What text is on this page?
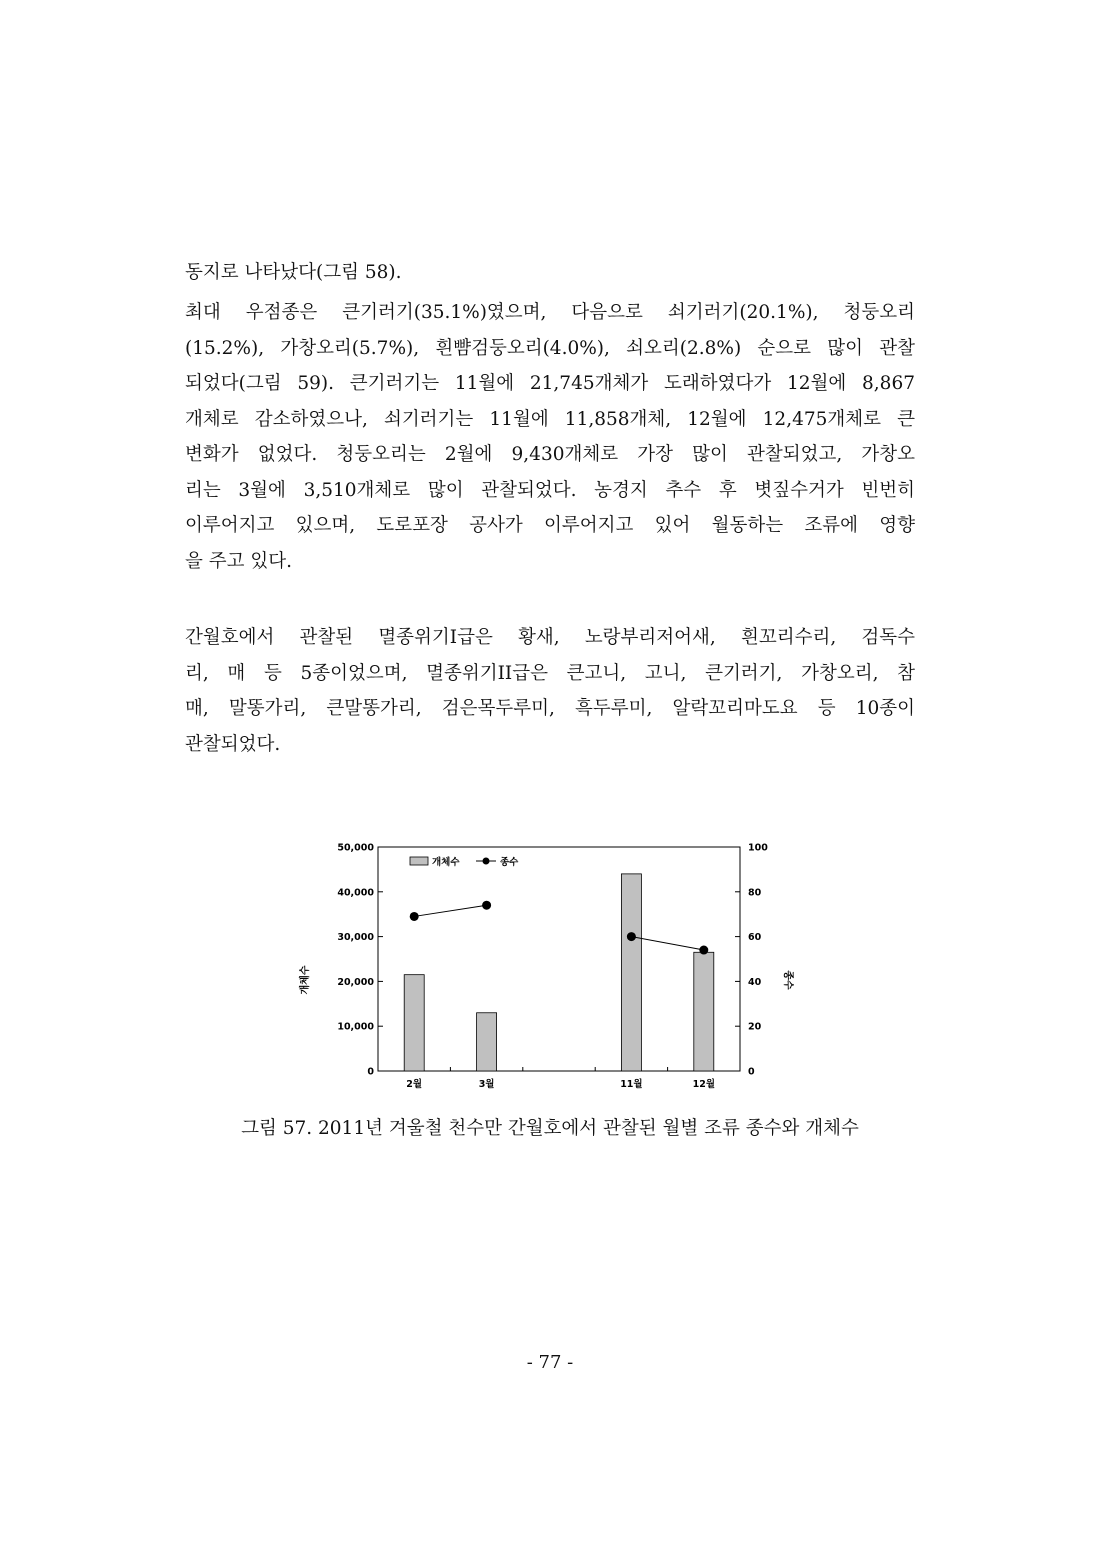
동지로 나타났다(그림 58).

최대 우점종은 큰기러기(35.1%)였으며, 다음으로 쇠기러기(20.1%), 청둥오리
(15.2%), 가창오리(5.7%), 흰뺨검둥오리(4.0%), 쇠오리(2.8%) 순으로 많이 관찰
되었다(그림 59). 큰기러기는 11월에 21,745개체가 도래하였다가 12월에 8,867
개체로 감소하였으나, 쇠기러기는 11월에 11,858개체, 12월에 12,475개체로 큰
변화가 없었다. 청둥오리는 2월에 9,430개체로 가장 많이 관찰되었고, 가창오
리는 3월에 3,510개체로 많이 관찰되었다. 농경지 추수 후 볏짚수거가 빈번히
이루어지고 있으며, 도로포장 공사가 이루어지고 있어 월동하는 조류에 영향
을 주고 있다.

간월호에서 관찰된 멸종위기I급은 황새, 노랑부리저어새, 흰꼬리수리, 검독수
리, 매 등 5종이었으며, 멸종위기II급은 큰고니, 고니, 큰기러기, 가창오리, 참
매, 말똥가리, 큰말똥가리, 검은목두루미, 흑두루미, 알락꼬리마도요 등 10종이
관찰되었다.

0
10,000
20,000
30,000
40,000
50,000
0
20
40
60
80
100
2월	3월	11월	12월
개체수	종수
개체수	종수

그림 57. 2011년 겨울철 천수만 간월호에서 관찰된 월별 조류 종수와 개체수

- 77 -
